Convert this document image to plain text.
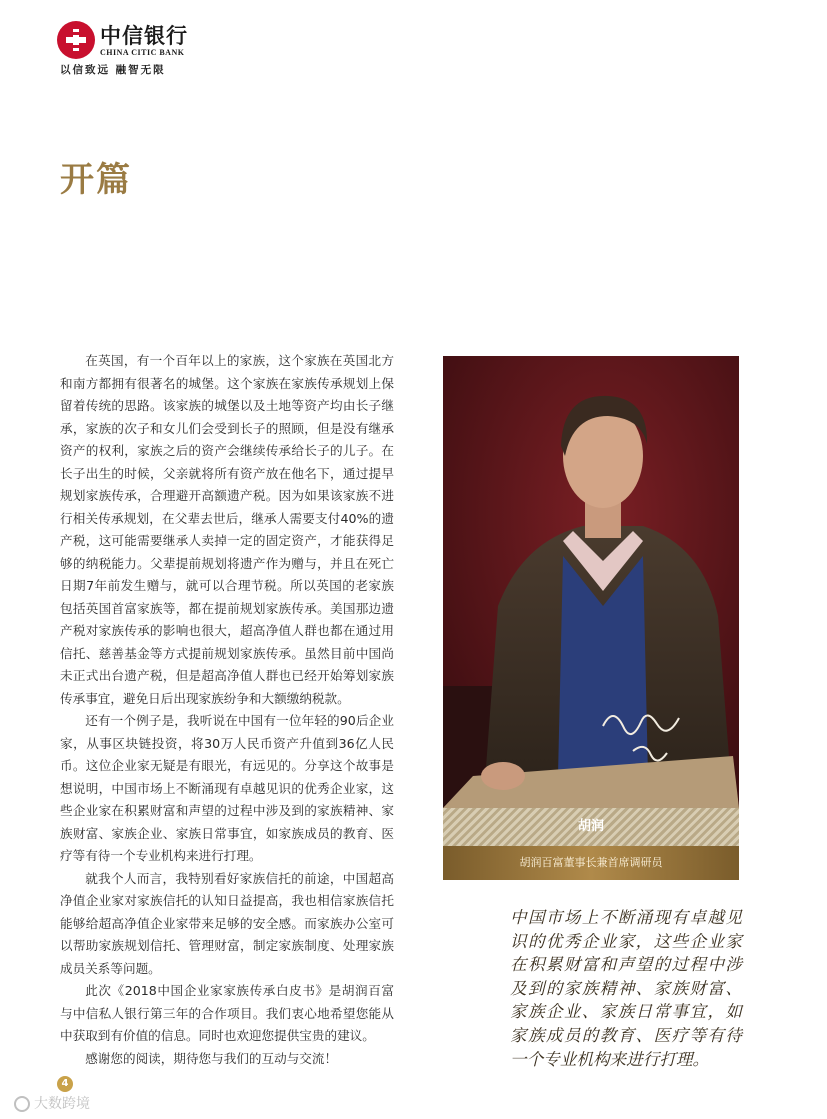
中信银行
CHINA CITIC BANK
以信致远 融智无限
开篇

在英国，有一个百年以上的家族，这个家族在英国北方和南方都拥有很著名的城堡。这个家族在家族传承规划上保留着传统的思路。该家族的城堡以及土地等资产均由长子继承，家族的次子和女儿们会受到长子的照顾，但是没有继承资产的权利，家族之后的资产会继续传承给长子的儿子。在长子出生的时候，父亲就将所有资产放在他名下，通过提早规划家族传承，合理避开高额遗产税。因为如果该家族不进行相关传承规划，在父辈去世后，继承人需要支付40%的遗产税，这可能需要继承人卖掉一定的固定资产，才能获得足够的纳税能力。父辈提前规划将遗产作为赠与，并且在死亡日期7年前发生赠与，就可以合理节税。所以英国的老家族包括英国首富家族等，都在提前规划家族传承。美国那边遗产税对家族传承的影响也很大，超高净值人群也都在通过用信托、慈善基金等方式提前规划家族传承。虽然目前中国尚未正式出台遗产税，但是超高净值人群也已经开始筹划家族传承事宜，避免日后出现家族纷争和大额缴纳税款。

还有一个例子是，我听说在中国有一位年轻的90后企业家，从事区块链投资，将30万人民币资产升值到36亿人民币。这位企业家无疑是有眼光，有远见的。分享这个故事是想说明，中国市场上不断涌现有卓越见识的优秀企业家，这些企业家在积累财富和声望的过程中涉及到的家族精神、家族财富、家族企业、家族日常事宜，如家族成员的教育、医疗等有待一个专业机构来进行打理。

就我个人而言，我特别看好家族信托的前途，中国超高净值企业家对家族信托的认知日益提高，我也相信家族信托能够给超高净值企业家带来足够的安全感。而家族办公室可以帮助家族规划信托、管理财富，制定家族制度、处理家族成员关系等问题。

此次《2018中国企业家家族传承白皮书》是胡润百富与中信私人银行第三年的合作项目。我们衷心地希望您能从中获取到有价值的信息。同时也欢迎您提供宝贵的建议。

感谢您的阅读，期待您与我们的互动与交流！

胡润
胡润百富董事长兼首席调研员
中国市场上不断涌现有卓越见识的优秀企业家，这些企业家在积累财富和声望的过程中涉及到的家族精神、家族财富、家族企业、家族日常事宜，如家族成员的教育、医疗等有待一个专业机构来进行打理。
4
大数跨境
